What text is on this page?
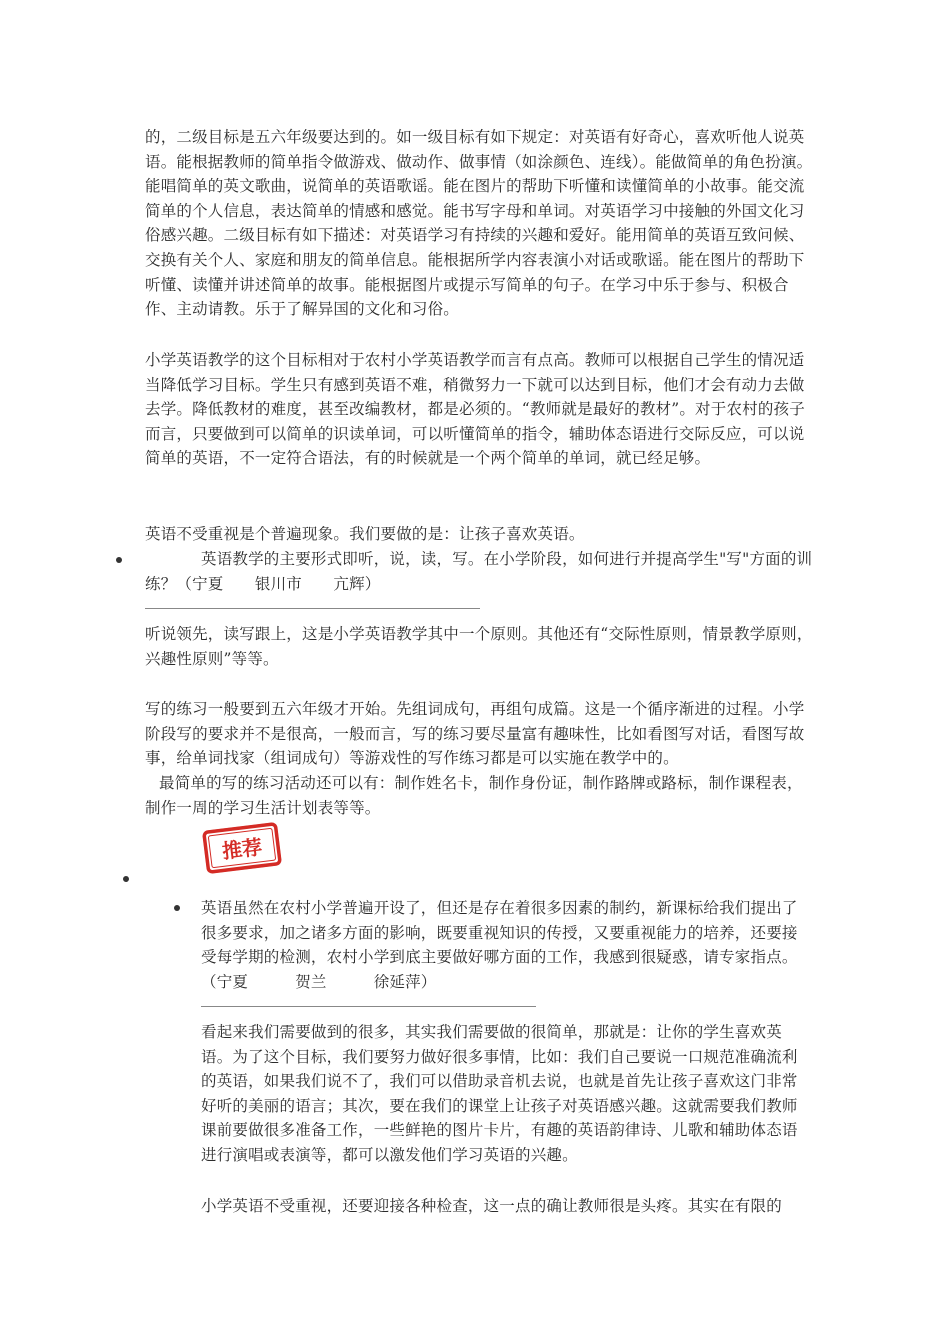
的，二级目标是五六年级要达到的。如一级目标有如下规定：对英语有好奇心，喜欢听他人说英语。能根据教师的简单指令做游戏、做动作、做事情（如涂颜色、连线）。能做简单的角色扮演。能唱简单的英文歌曲，说简单的英语歌谣。能在图片的帮助下听懂和读懂简单的小故事。能交流简单的个人信息，表达简单的情感和感觉。能书写字母和单词。对英语学习中接触的外国文化习俗感兴趣。二级目标有如下描述：对英语学习有持续的兴趣和爱好。能用简单的英语互致问候、交换有关个人、家庭和朋友的简单信息。能根据所学内容表演小对话或歌谣。能在图片的帮助下听懂、读懂并讲述简单的故事。能根据图片或提示写简单的句子。在学习中乐于参与、积极合作、主动请教。乐于了解异国的文化和习俗。

小学英语教学的这个目标相对于农村小学英语教学而言有点高。教师可以根据自己学生的情况适当降低学习目标。学生只有感到英语不难，稍微努力一下就可以达到目标，他们才会有动力去做去学。降低教材的难度，甚至改编教材，都是必须的。“教师就是最好的教材”。对于农村的孩子而言，只要做到可以简单的识读单词，可以听懂简单的指令，辅助体态语进行交际反应，可以说简单的英语，不一定符合语法，有的时候就是一个两个简单的单词，就已经足够。

英语不受重视是个普遍现象。我们要做的是：让孩子喜欢英语。

英语教学的主要形式即听，说，读，写。在小学阶段，如何进行并提高学生"写"方面的训练？（宁夏　　银川市　　亢辉）

听说领先，读写跟上，这是小学英语教学其中一个原则。其他还有“交际性原则，情景教学原则，兴趣性原则”等等。

写的练习一般要到五六年级才开始。先组词成句，再组句成篇。这是一个循序渐进的过程。小学阶段写的要求并不是很高，一般而言，写的练习要尽量富有趣味性，比如看图写对话，看图写故事，给单词找家（组词成句）等游戏性的写作练习都是可以实施在教学中的。

最简单的写的练习活动还可以有：制作姓名卡，制作身份证，制作路牌或路标，制作课程表，制作一周的学习生活计划表等等。

推荐

英语虽然在农村小学普遍开设了，但还是存在着很多因素的制约，新课标给我们提出了很多要求，加之诸多方面的影响，既要重视知识的传授，又要重视能力的培养，还要接受每学期的检测，农村小学到底主要做好哪方面的工作，我感到很疑惑，请专家指点。（宁夏　　　贺兰　　　徐延萍）

看起来我们需要做到的很多，其实我们需要做的很简单，那就是：让你的学生喜欢英语。为了这个目标，我们要努力做好很多事情，比如：我们自己要说一口规范准确流利的英语，如果我们说不了，我们可以借助录音机去说，也就是首先让孩子喜欢这门非常好听的美丽的语言；其次，要在我们的课堂上让孩子对英语感兴趣。这就需要我们教师课前要做很多准备工作，一些鲜艳的图片卡片，有趣的英语韵律诗、儿歌和辅助体态语进行演唱或表演等，都可以激发他们学习英语的兴趣。

小学英语不受重视，还要迎接各种检查，这一点的确让教师很是头疼。其实在有限的
